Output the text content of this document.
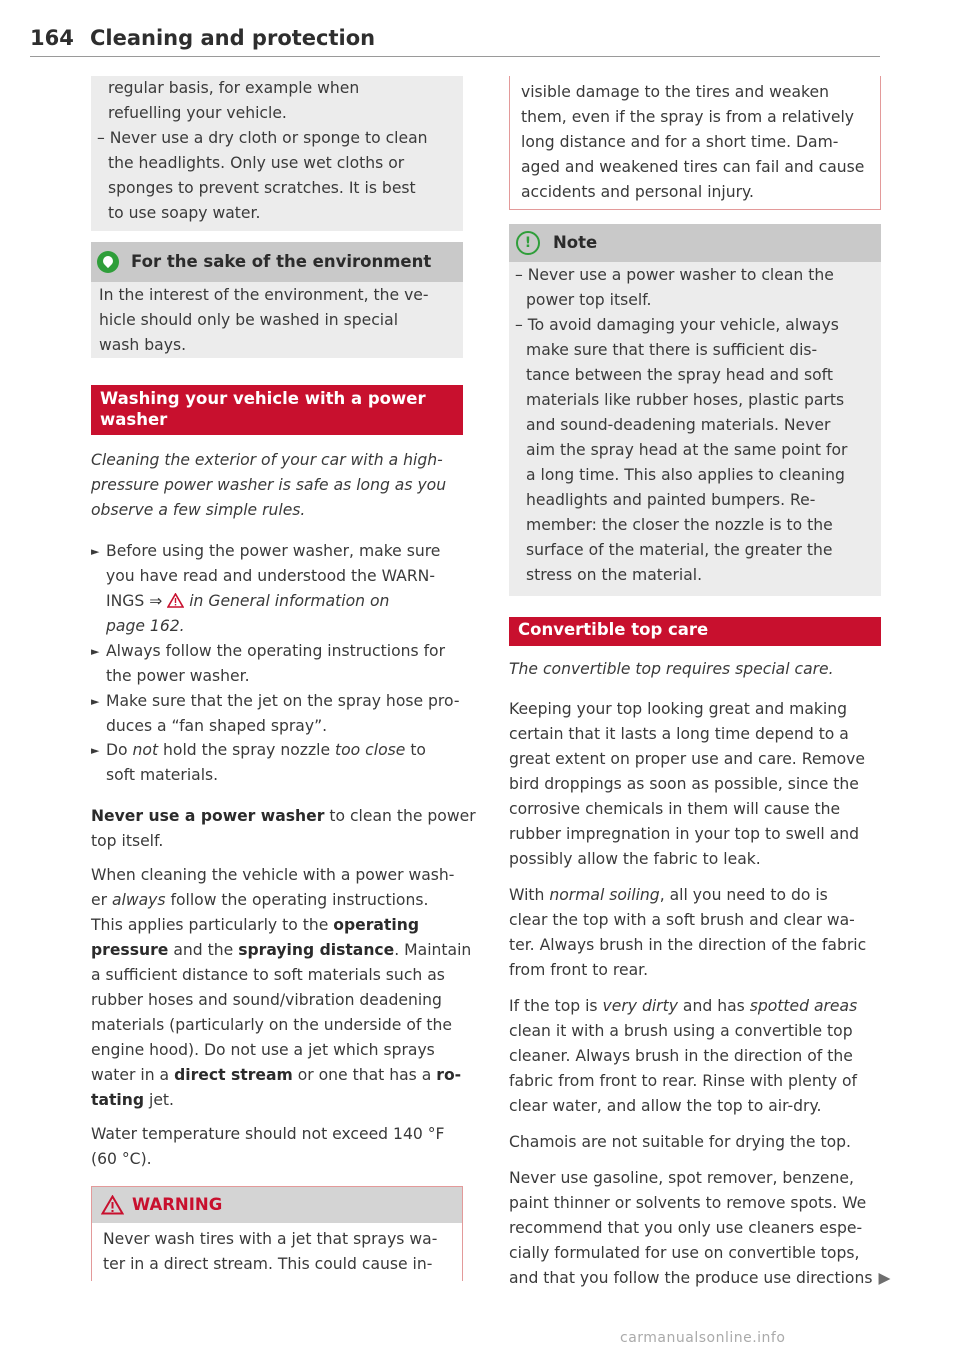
164 Cleaning and protection
regular basis, for example when
refuelling your vehicle.
– Never use a dry cloth or sponge to clean
the headlights. Only use wet cloths or
sponges to prevent scratches. It is best
to use soapy water.
For the sake of the environment
In the interest of the environment, the ve-
hicle should only be washed in special
wash bays.
Washing your vehicle with a power
washer
Cleaning the exterior of your car with a high-
pressure power washer is safe as long as you
observe a few simple rules.
► Before using the power washer, make sure
you have read and understood the WARN-
INGS ⇒  in General information on
page 162.
► Always follow the operating instructions for
the power washer.
► Make sure that the jet on the spray hose pro-
duces a “fan shaped spray”.
► Do not hold the spray nozzle too close to
soft materials.
Never use a power washer to clean the power
top itself.
When cleaning the vehicle with a power wash-
er always follow the operating instructions.
This applies particularly to the operating
pressure and the spraying distance. Maintain
a sufficient distance to soft materials such as
rubber hoses and sound/vibration deadening
materials (particularly on the underside of the
engine hood). Do not use a jet which sprays
water in a direct stream or one that has a ro-
tating jet.
Water temperature should not exceed 140 °F
(60 °C).
WARNING
Never wash tires with a jet that sprays wa-
ter in a direct stream. This could cause in-
visible damage to the tires and weaken
them, even if the spray is from a relatively
long distance and for a short time. Dam-
aged and weakened tires can fail and cause
accidents and personal injury.
!	Note
– Never use a power washer to clean the
power top itself.
– To avoid damaging your vehicle, always
make sure that there is sufficient dis-
tance between the spray head and soft
materials like rubber hoses, plastic parts
and sound-deadening materials. Never
aim the spray head at the same point for
a long time. This also applies to cleaning
headlights and painted bumpers. Re-
member: the closer the nozzle is to the
surface of the material, the greater the
stress on the material.
Convertible top care
The convertible top requires special care.
Keeping your top looking great and making
certain that it lasts a long time depend to a
great extent on proper use and care. Remove
bird droppings as soon as possible, since the
corrosive chemicals in them will cause the
rubber impregnation in your top to swell and
possibly allow the fabric to leak.
With normal soiling, all you need to do is
clear the top with a soft brush and clear wa-
ter. Always brush in the direction of the fabric
from front to rear.
If the top is very dirty and has spotted areas
clean it with a brush using a convertible top
cleaner. Always brush in the direction of the
fabric from front to rear. Rinse with plenty of
clear water, and allow the top to air-dry.
Chamois are not suitable for drying the top.
Never use gasoline, spot remover, benzene,
paint thinner or solvents to remove spots. We
recommend that you only use cleaners espe-
cially formulated for use on convertible tops,
and that you follow the produce use directions ▶
carmanualsonline.info
